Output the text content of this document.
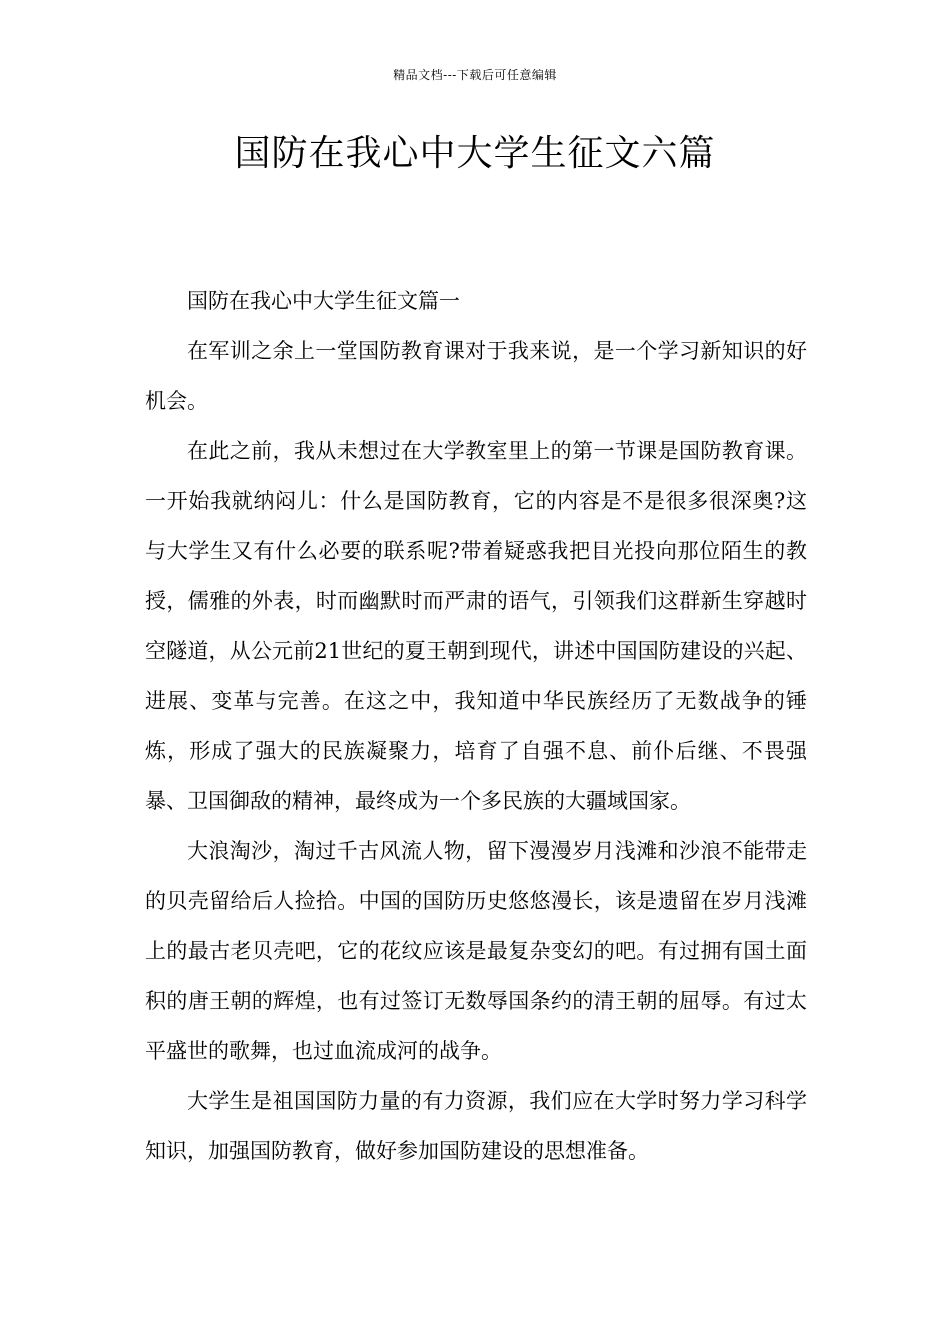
精品文档---下载后可任意编辑
国防在我心中大学生征文六篇

国防在我心中大学生征文篇一

在军训之余上一堂国防教育课对于我来说，是一个学习新知识的好机会。

在此之前，我从未想过在大学教室里上的第一节课是国防教育课。一开始我就纳闷儿：什么是国防教育，它的内容是不是很多很深奥?这与大学生又有什么必要的联系呢?带着疑惑我把目光投向那位陌生的教授，儒雅的外表，时而幽默时而严肃的语气，引领我们这群新生穿越时空隧道，从公元前21世纪的夏王朝到现代，讲述中国国防建设的兴起、进展、变革与完善。在这之中，我知道中华民族经历了无数战争的锤炼，形成了强大的民族凝聚力，培育了自强不息、前仆后继、不畏强暴、卫国御敌的精神，最终成为一个多民族的大疆域国家。

大浪淘沙，淘过千古风流人物，留下漫漫岁月浅滩和沙浪不能带走的贝壳留给后人捡拾。中国的国防历史悠悠漫长，该是遗留在岁月浅滩上的最古老贝壳吧，它的花纹应该是最复杂变幻的吧。有过拥有国土面积的唐王朝的辉煌，也有过签订无数辱国条约的清王朝的屈辱。有过太平盛世的歌舞，也过血流成河的战争。

大学生是祖国国防力量的有力资源，我们应在大学时努力学习科学知识，加强国防教育，做好参加国防建设的思想准备。
